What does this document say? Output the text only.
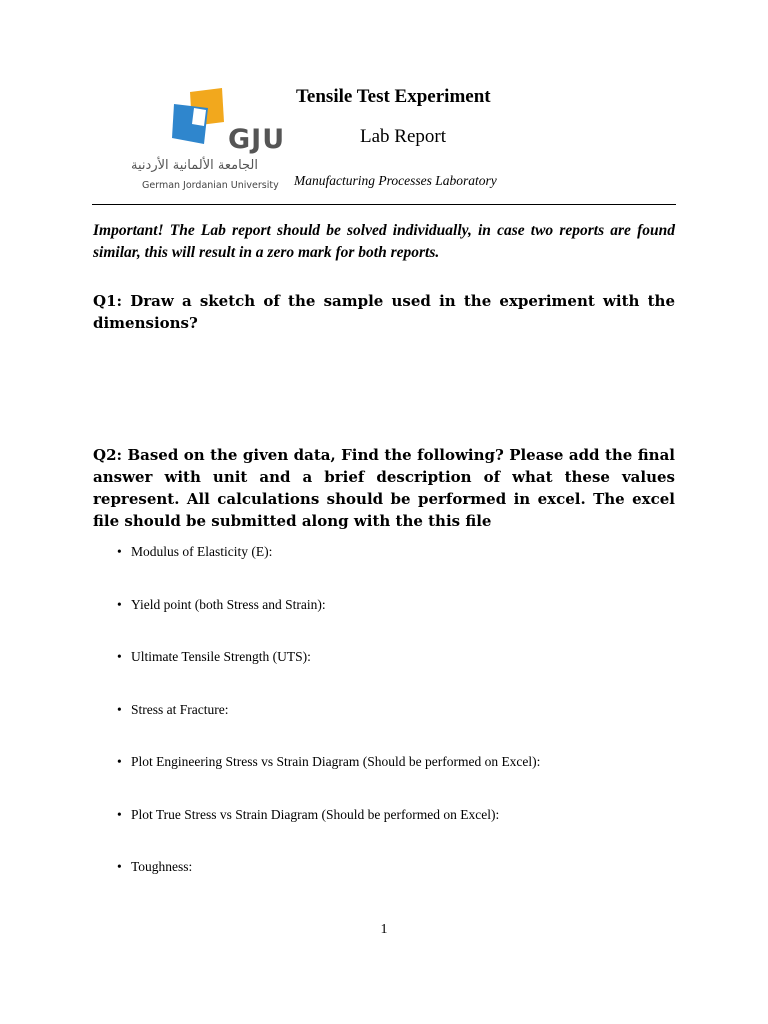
GJU
الجامعة الألمانية الأردنية
German Jordanian University
Tensile Test Experiment
Lab Report
Manufacturing Processes Laboratory
Important! The Lab report should be solved individually, in case two reports are found similar, this will result in a zero mark for both reports.
Q1: Draw a sketch of the sample used in the experiment with the dimensions?
Q2: Based on the given data, Find the following? Please add the final answer with unit and a brief description of what these values represent. All calculations should be performed in excel. The excel file should be submitted along with the this file
• Modulus of Elasticity (E):
• Yield point (both Stress and Strain):
• Ultimate Tensile Strength (UTS):
• Stress at Fracture:
• Plot Engineering Stress vs Strain Diagram (Should be performed on Excel):
• Plot True Stress vs Strain Diagram (Should be performed on Excel):
• Toughness:
1
